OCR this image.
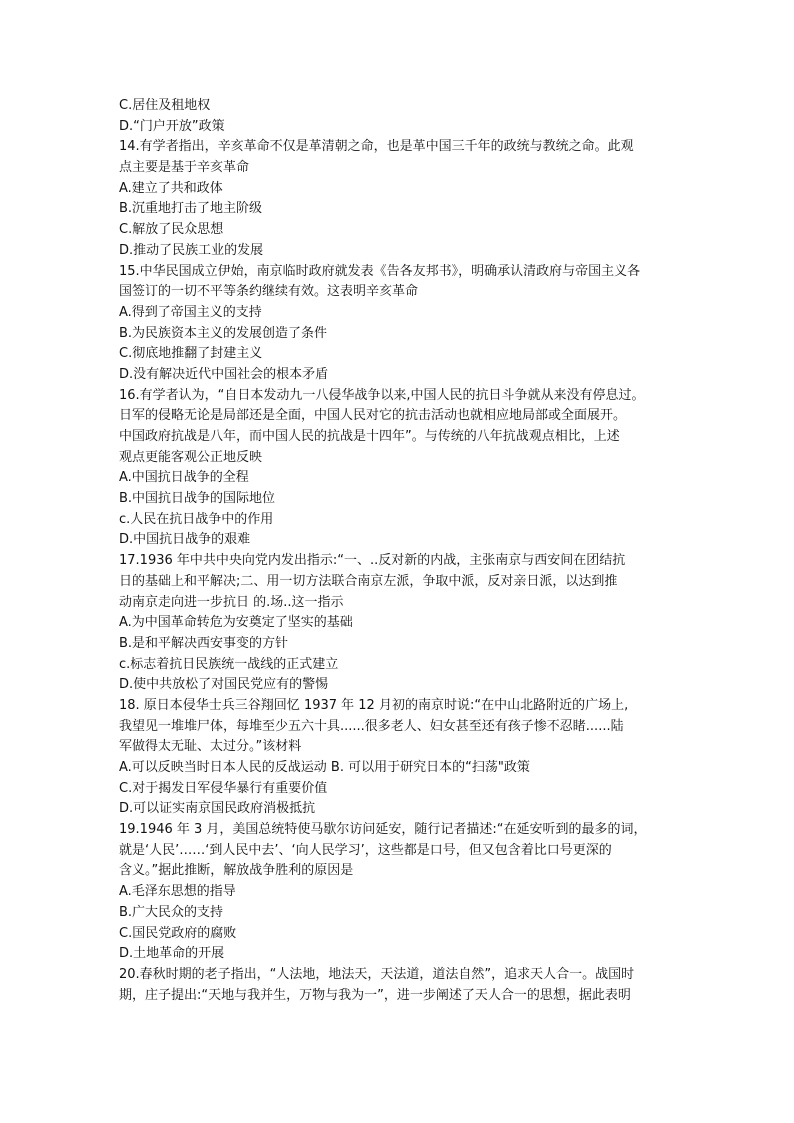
C.居住及租地权
D.“门户开放”政策
14.有学者指出，辛亥革命不仅是革清朝之命，也是革中国三千年的政统与教统之命。此观
点主要是基于辛亥革命
A.建立了共和政体
B.沉重地打击了地主阶级
C.解放了民众思想
D.推动了民族工业的发展
15.中华民国成立伊始，南京临时政府就发表《告各友邦书》，明确承认清政府与帝国主义各
国签订的一切不平等条约继续有效。这表明辛亥革命
A.得到了帝国主义的支持
B.为民族资本主义的发展创造了条件
C.彻底地推翻了封建主义
D.没有解决近代中国社会的根本矛盾
16.有学者认为，“自日本发动九一八侵华战争以来,中国人民的抗日斗争就从来没有停息过。
日军的侵略无论是局部还是全面，中国人民对它的抗击活动也就相应地局部或全面展开。
中国政府抗战是八年，而中国人民的抗战是十四年”。与传统的八年抗战观点相比，上述
观点更能客观公正地反映
A.中国抗日战争的全程
B.中国抗日战争的国际地位
c.人民在抗日战争中的作用
D.中国抗日战争的艰难
17.1936 年中共中央向党内发出指示:“一、..反对新的内战，主张南京与西安间在团结抗
日的基础上和平解决;二、用一切方法联合南京左派，争取中派，反对亲日派，以达到推
动南京走向进一步抗日 的.场..这一指示
A.为中国革命转危为安奠定了坚实的基础
B.是和平解决西安事变的方针
c.标志着抗日民族统一战线的正式建立
D.使中共放松了对国民党应有的警惕
18. 原日本侵华士兵三谷翔回忆 1937 年 12 月初的南京时说:“在中山北路附近的广场上,
我望见一堆堆尸体，每堆至少五六十具......很多老人、妇女甚至还有孩子惨不忍睹......陆
军做得太无耻、太过分。”该材料
A.可以反映当时日本人民的反战运动 B. 可以用于研究日本的“扫荡"政策
C.对于揭发日军侵华暴行有重要价值
D.可以证实南京国民政府消极抵抗
19.1946 年 3 月，美国总统特使马歇尔访问延安，随行记者描述:“在延安听到的最多的词，
就是‘人民’……‘到人民中去’、‘向人民学习’，这些都是口号，但又包含着比口号更深的
含义。”据此推断，解放战争胜利的原因是
A.毛泽东思想的指导
B.广大民众的支持
C.国民党政府的腐败
D.土地革命的开展
20.春秋时期的老子指出，“人法地，地法天，天法道，道法自然”，追求天人合一。战国时
期，庄子提出:“天地与我并生，万物与我为一”，进一步阐述了天人合一的思想，据此表明
